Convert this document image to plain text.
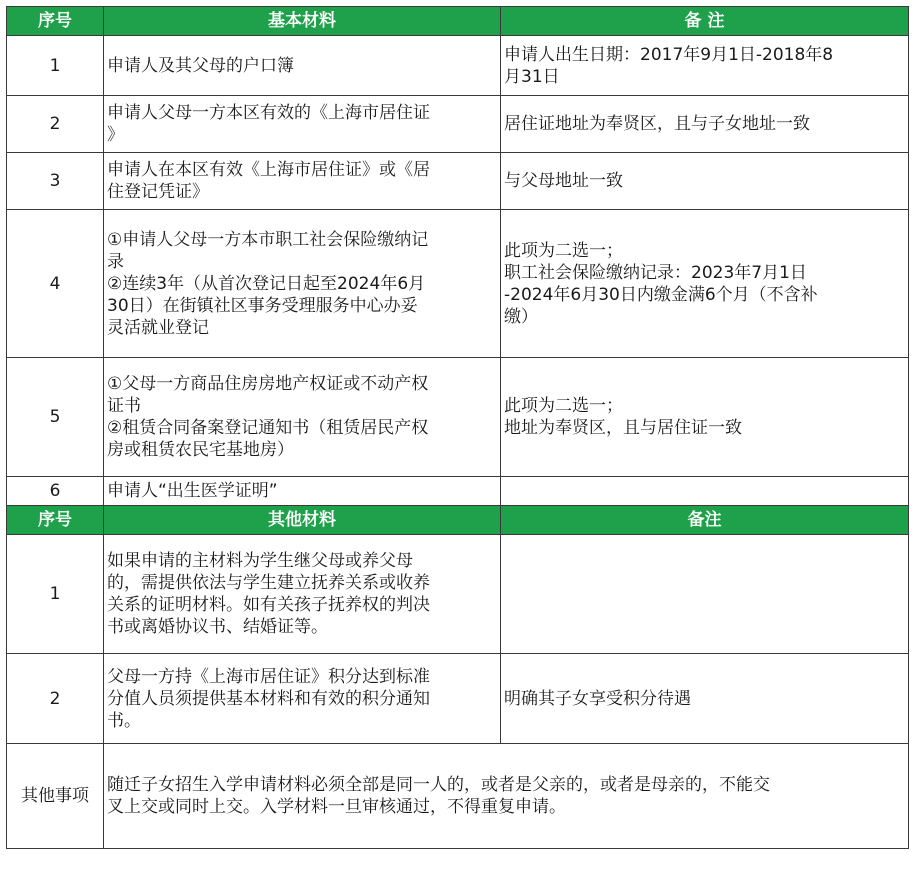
序号	基本材料	备 注
1	申请人及其父母的户口簿	申请人出生日期：2017年9月1日-2018年8
月31日

2	申请人父母一方本区有效的《上海市居住证
》	居住证地址为奉贤区，且与子女地址一致

3	申请人在本区有效《上海市居住证》或《居
住登记凭证》	与父母地址一致

4	①申请人父母一方本市职工社会保险缴纳记
录
②连续3年（从首次登记日起至2024年6月
30日）在街镇社区事务受理服务中心办妥
灵活就业登记	此项为二选一；
职工社会保险缴纳记录：2023年7月1日
-2024年6月30日内缴金满6个月（不含补
缴）

5	①父母一方商品住房房地产权证或不动产权
证书
②租赁合同备案登记通知书（租赁居民产权
房或租赁农民宅基地房）	此项为二选一；
地址为奉贤区，且与居住证一致

6	申请人“出生医学证明”	

序号	其他材料	备注
1	如果申请的主材料为学生继父母或养父母
的，需提供依法与学生建立抚养关系或收养
关系的证明材料。如有关孩子抚养权的判决
书或离婚协议书、结婚证等。	

2	父母一方持《上海市居住证》积分达到标准
分值人员须提供基本材料和有效的积分通知
书。	明确其子女享受积分待遇

其他事项	随迁子女招生入学申请材料必须全部是同一人的，或者是父亲的，或者是母亲的，不能交
叉上交或同时上交。入学材料一旦审核通过，不得重复申请。	
